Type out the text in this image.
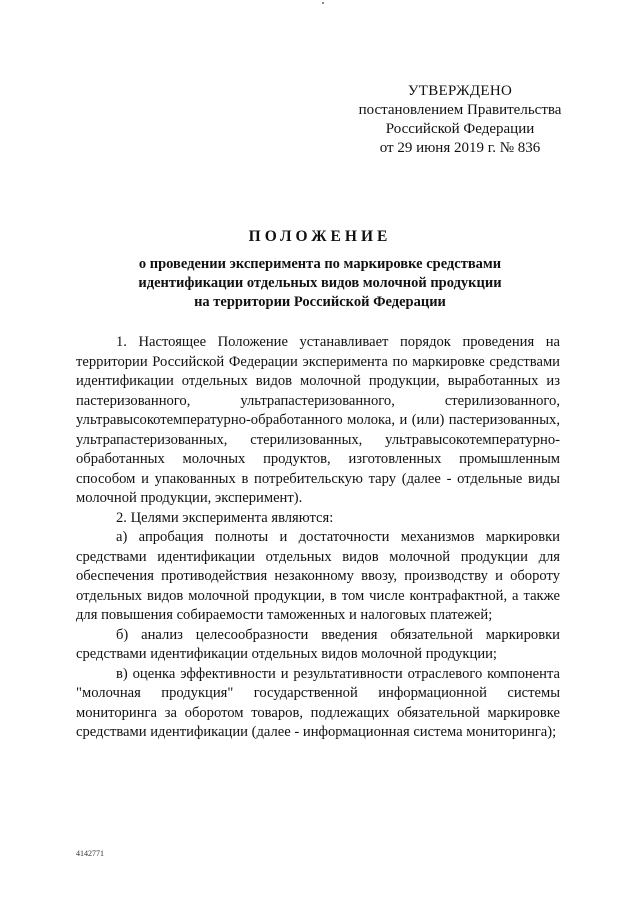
УТВЕРЖДЕНО
постановлением Правительства
Российской Федерации
от 29 июня 2019 г. № 836
ПОЛОЖЕНИЕ
о проведении эксперимента по маркировке средствами
идентификации отдельных видов молочной продукции
на территории Российской Федерации

1. Настоящее Положение устанавливает порядок проведения на территории Российской Федерации эксперимента по маркировке средствами идентификации отдельных видов молочной продукции, выработанных из пастеризованного, ультрапастеризованного, стерилизованного, ультравысокотемпературно-обработанного молока, и (или) пастеризованных, ультрапастеризованных, стерилизованных, ультравысокотемпературно-обработанных молочных продуктов, изготовленных промышленным способом и упакованных в потребительскую тару (далее - отдельные виды молочной продукции, эксперимент).

2. Целями эксперимента являются:

а) апробация полноты и достаточности механизмов маркировки средствами идентификации отдельных видов молочной продукции для обеспечения противодействия незаконному ввозу, производству и обороту отдельных видов молочной продукции, в том числе контрафактной, а также для повышения собираемости таможенных и налоговых платежей;

б) анализ целесообразности введения обязательной маркировки средствами идентификации отдельных видов молочной продукции;

в) оценка эффективности и результативности отраслевого компонента "молочная продукция" государственной информационной системы мониторинга за оборотом товаров, подлежащих обязательной маркировке средствами идентификации (далее - информационная система мониторинга);

4142771
